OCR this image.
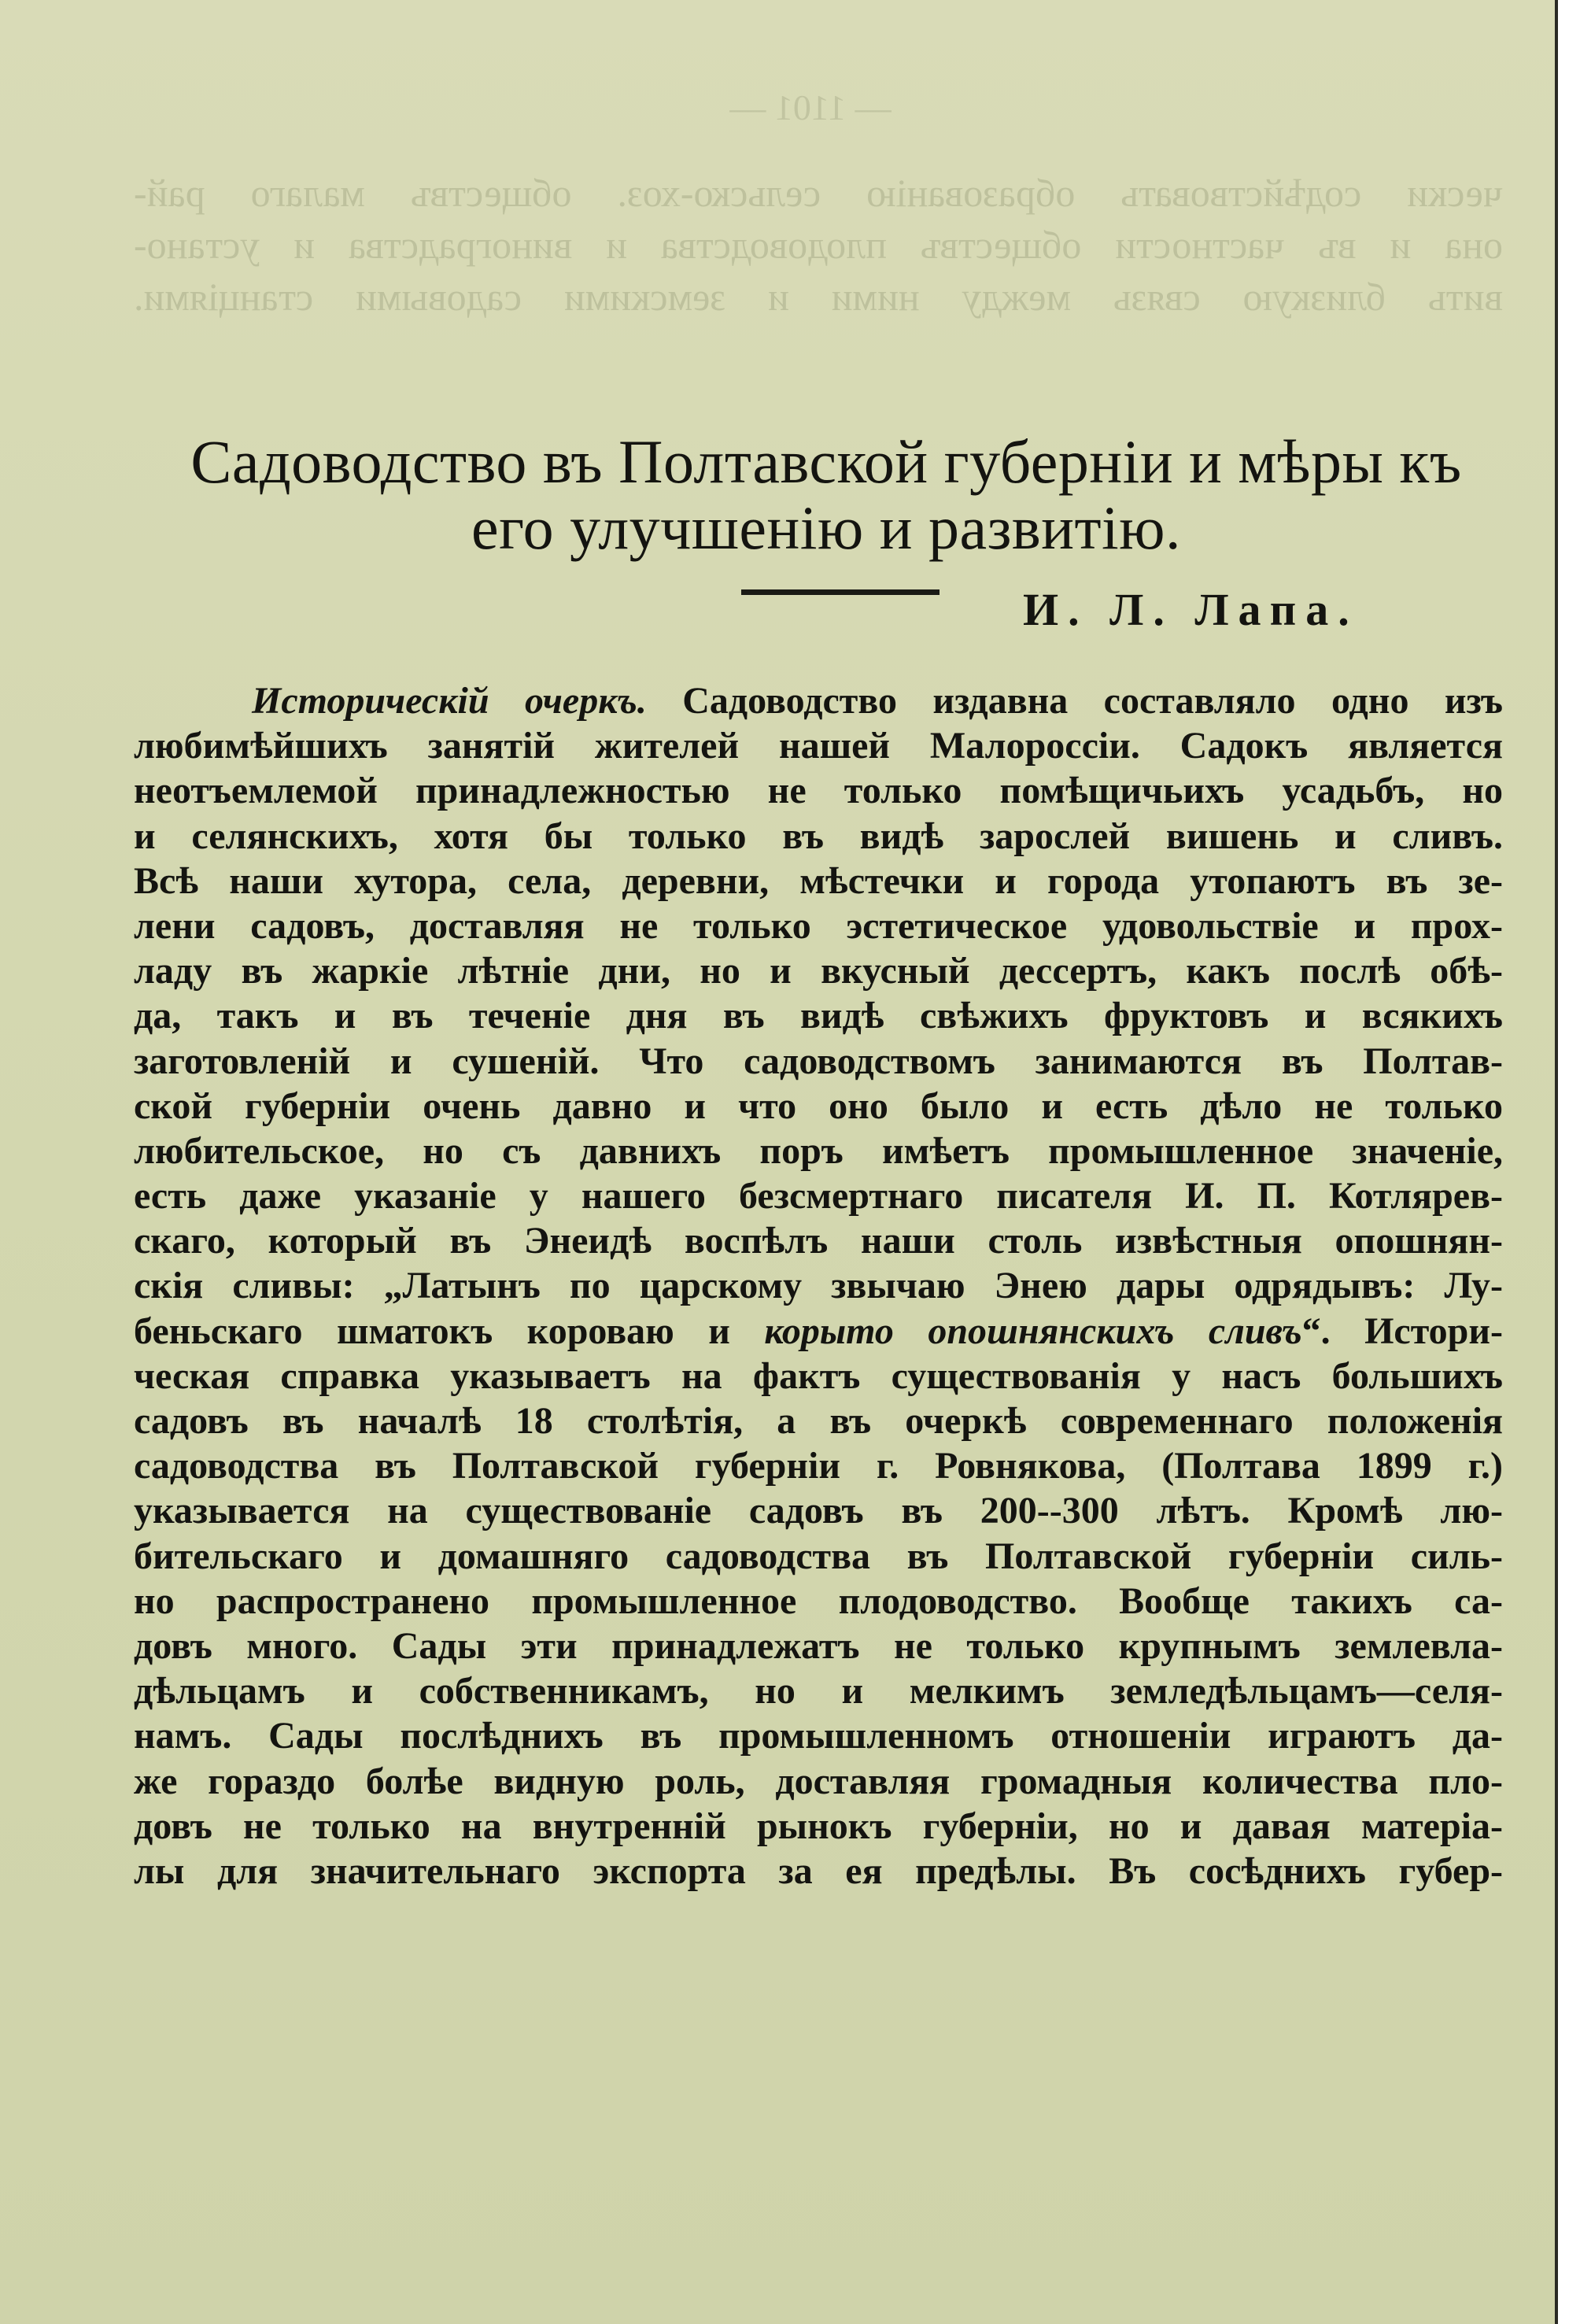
— 1101 —
чески содѣйствовать образованію сельско-хоз. обществъ малаго рай-
она и въ частности обществъ плодоводства и виноградства и устано-
вить близкую связь между ними и земскими садовыми станціями.
Садоводство въ Полтавской губерніи и мѣры къ
его улучшенію и развитію.
И. Л. Лапа.
Историческій очеркъ. Садоводство издавна составляло одно изъ
любимѣйшихъ занятій жителей нашей Малороссіи. Садокъ является
неотъемлемой принадлежностью не только помѣщичьихъ усадьбъ, но
и селянскихъ, хотя бы только въ видѣ зарослей вишень и сливъ.
Всѣ наши хутора, села, деревни, мѣстечки и города утопаютъ въ зе-
лени садовъ, доставляя не только эстетическое удовольствіе и прох-
ладу въ жаркіе лѣтніе дни, но и вкусный дессертъ, какъ послѣ обѣ-
да, такъ и въ теченіе дня въ видѣ свѣжихъ фруктовъ и всякихъ
заготовленій и сушеній. Что садоводствомъ занимаются въ Полтав-
ской губерніи очень давно и что оно было и есть дѣло не только
любительское, но съ давнихъ поръ имѣетъ промышленное значеніе,
есть даже указаніе у нашего безсмертнаго писателя И. П. Котлярев-
скаго, который въ Энеидѣ воспѣлъ наши столь извѣстныя опошнян-
скія сливы: „Латынъ по царскому звычаю Энею дары одрядывъ: Лу-
беньскаго шматокъ короваю и корыто опошнянскихъ сливъ“. Истори-
ческая справка указываетъ на фактъ существованія у насъ большихъ
садовъ въ началѣ 18 столѣтія, а въ очеркѣ современнаго положенія
садоводства въ Полтавской губерніи г. Ровнякова, (Полтава 1899 г.)
указывается на существованіе садовъ въ 200--300 лѣтъ. Кромѣ лю-
бительскаго и домашняго садоводства въ Полтавской губерніи силь-
но распространено промышленное плодоводство. Вообще такихъ са-
довъ много. Сады эти принадлежатъ не только крупнымъ землевла-
дѣльцамъ и собственникамъ, но и мелкимъ земледѣльцамъ—селя-
намъ. Сады послѣднихъ въ промышленномъ отношеніи играютъ да-
же гораздо болѣе видную роль, доставляя громадныя количества пло-
довъ не только на внутренній рынокъ губерніи, но и давая матеріа-
лы для значительнаго экспорта за ея предѣлы. Въ сосѣднихъ губер-
